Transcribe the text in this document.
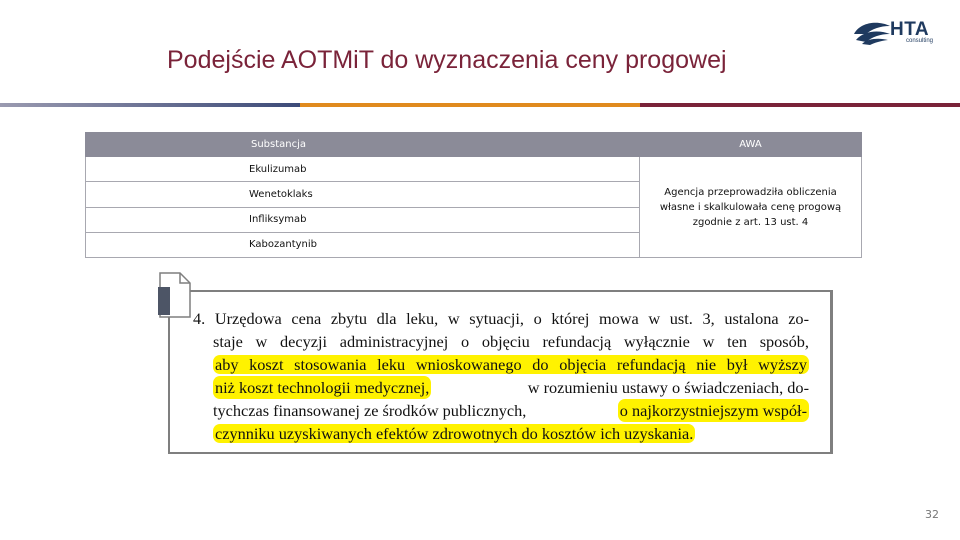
Podejście AOTMiT do wyznaczenia ceny progowej
HTA
consulting
Substancja	AWA
Ekulizumab	Agencja przeprowadziła obliczenia własne i skalkulowała cenę progową zgodnie z art. 13 ust. 4
Wenetoklaks	
Infliksymab	
Kabozantynib	
4. Urzędowa cena zbytu dla leku, w sytuacji, o której mowa w ust. 3, ustalona zo-
staje w decyzji administracyjnej o objęciu refundacją wyłącznie w ten sposób,
aby koszt stosowania leku wnioskowanego do objęcia refundacją nie był wyższy
niż koszt technologii medycznej,	w rozumieniu ustawy o świadczeniach, do-
tychczas finansowanej ze środków publicznych,	o najkorzystniejszym współ-
czynniku uzyskiwanych efektów zdrowotnych do kosztów ich uzyskania.
32
